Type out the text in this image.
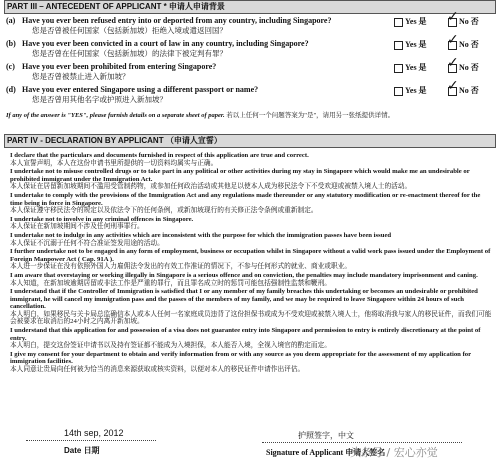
PART III – ANTECEDENT OF APPLICANT * 申请人申请背景
(a) Have you ever been refused entry into or deported from any country, including Singapore?
您是否曾被任何国家（包括新加坡）拒绝入境或遣返回国？
Yes 是 ✓ No 否
(b) Have you ever been convicted in a court of law in any country, including Singapore?
您是否曾在任何国家（包括新加坡）的法律下被定判有罪？
Yes 是 ✓ No 否
(c) Have you ever been prohibited from entering Singapore?
您是否曾被禁止进入新加坡？
Yes 是 ✓ No 否
(d) Have you ever entered Singapore using a different passport or name?
您是否曾用其他名字或护照进入新加坡？
Yes 是 ✓ No 否
If any of the answer is "YES", please furnish details on a separate sheet of paper. 若以上任何一个问题答案为"是"，请用另一张纸提供详情。
PART IV - DECLARATION BY APPLICANT （申请人宣誓）
I declare that the particulars and documents furnished in respect of this application are true and correct.
本人宣誓声明，本人在这份申请书里所提供的一切资料均属实与正确。
I undertake not to misuse controlled drugs or to take part in any political or other activities during my stay in Singapore which would make me an undesirable or prohibited immigrant under the Immigration Act.
本人保证在居留新加坡期间不滥用受管制药物，或参加任何政治活动或其他足以使本人成为移民法令下不受欢迎或被禁入境人士的活动。
I undertake to comply with the provisions of the Immigration Act and any regulations made thereunder or any statutory modification or re-enactment thereof for the time being in force in Singapore.
本人保证遵守移民法令的规定以及依法令下的任何条例，或新加坡现行的有关修正法令条例或重新制定。
I undertake not to involve in any criminal offences in Singapore.
本人保证在新加坡期间不涉及任何刑事罪行。
I undertake not to indulge in any activities which are inconsistent with the purpose for which the immigration passes have been issued
本人保证不沉溺于任何不符合准证签发用途的活动。
I further undertake not to be engaged in any form of employment, business or occupation whilst in Singapore without a valid work pass issued under the Employment of Foreign Manpower Act ( Cap. 91A ).
本人进一步保证在没有依照外国人力雇佣法令发出的有效工作准证的情况下，不参与任何形式的就业、商业或职业。
I am aware that overstaying or working illegally in Singapore is a serious offence and on conviction, the penalties may include mandatory imprisonment and caning.
本人知道，在新加坡逾期居留或非法工作是严重的罪行，而且罪名成立时的惩罚可能包括强制性监禁和鞭刑。
I understand that if the Controller of Immigration is satisfied that I or any member of my family breaches this undertaking or becomes an undesirable or prohibited immigrant, he will cancel my immigration pass and the passes of the members of my family, and we may be required to leave Singapore within 24 hours of such cancellation.
本人明白，如果移民与关卡局总监确信本人或本人任何一名家庭成员违背了这份担保书或成为不受欢迎或被禁入境人士，他将取消我与家人的移民证件，而我们可能会被要求在取消后的24小时之内离开新加坡。
I understand that this application for and possession of a visa does not guarantee entry into Singapore and permission to entry is entirely discretionary at the point of entry.
本人明白，提交这份签证申请书以及持有签证都不能成为入境担保，本人能否入境，全视入境官的酌定而定。
I give my consent for your department to obtain and verify information from or with any source as you deem appropriate for the assessment of my application for immigration facilities.
本人同意让贵局向任何被为恰当的消息来源获取或核实资料，以便对本人的移民证件申请作出评估。
14th sep, 2012
Date 日期
护照签字，中文
Signature of Applicant 申请人签名
头条号 / 宏心亦觉
